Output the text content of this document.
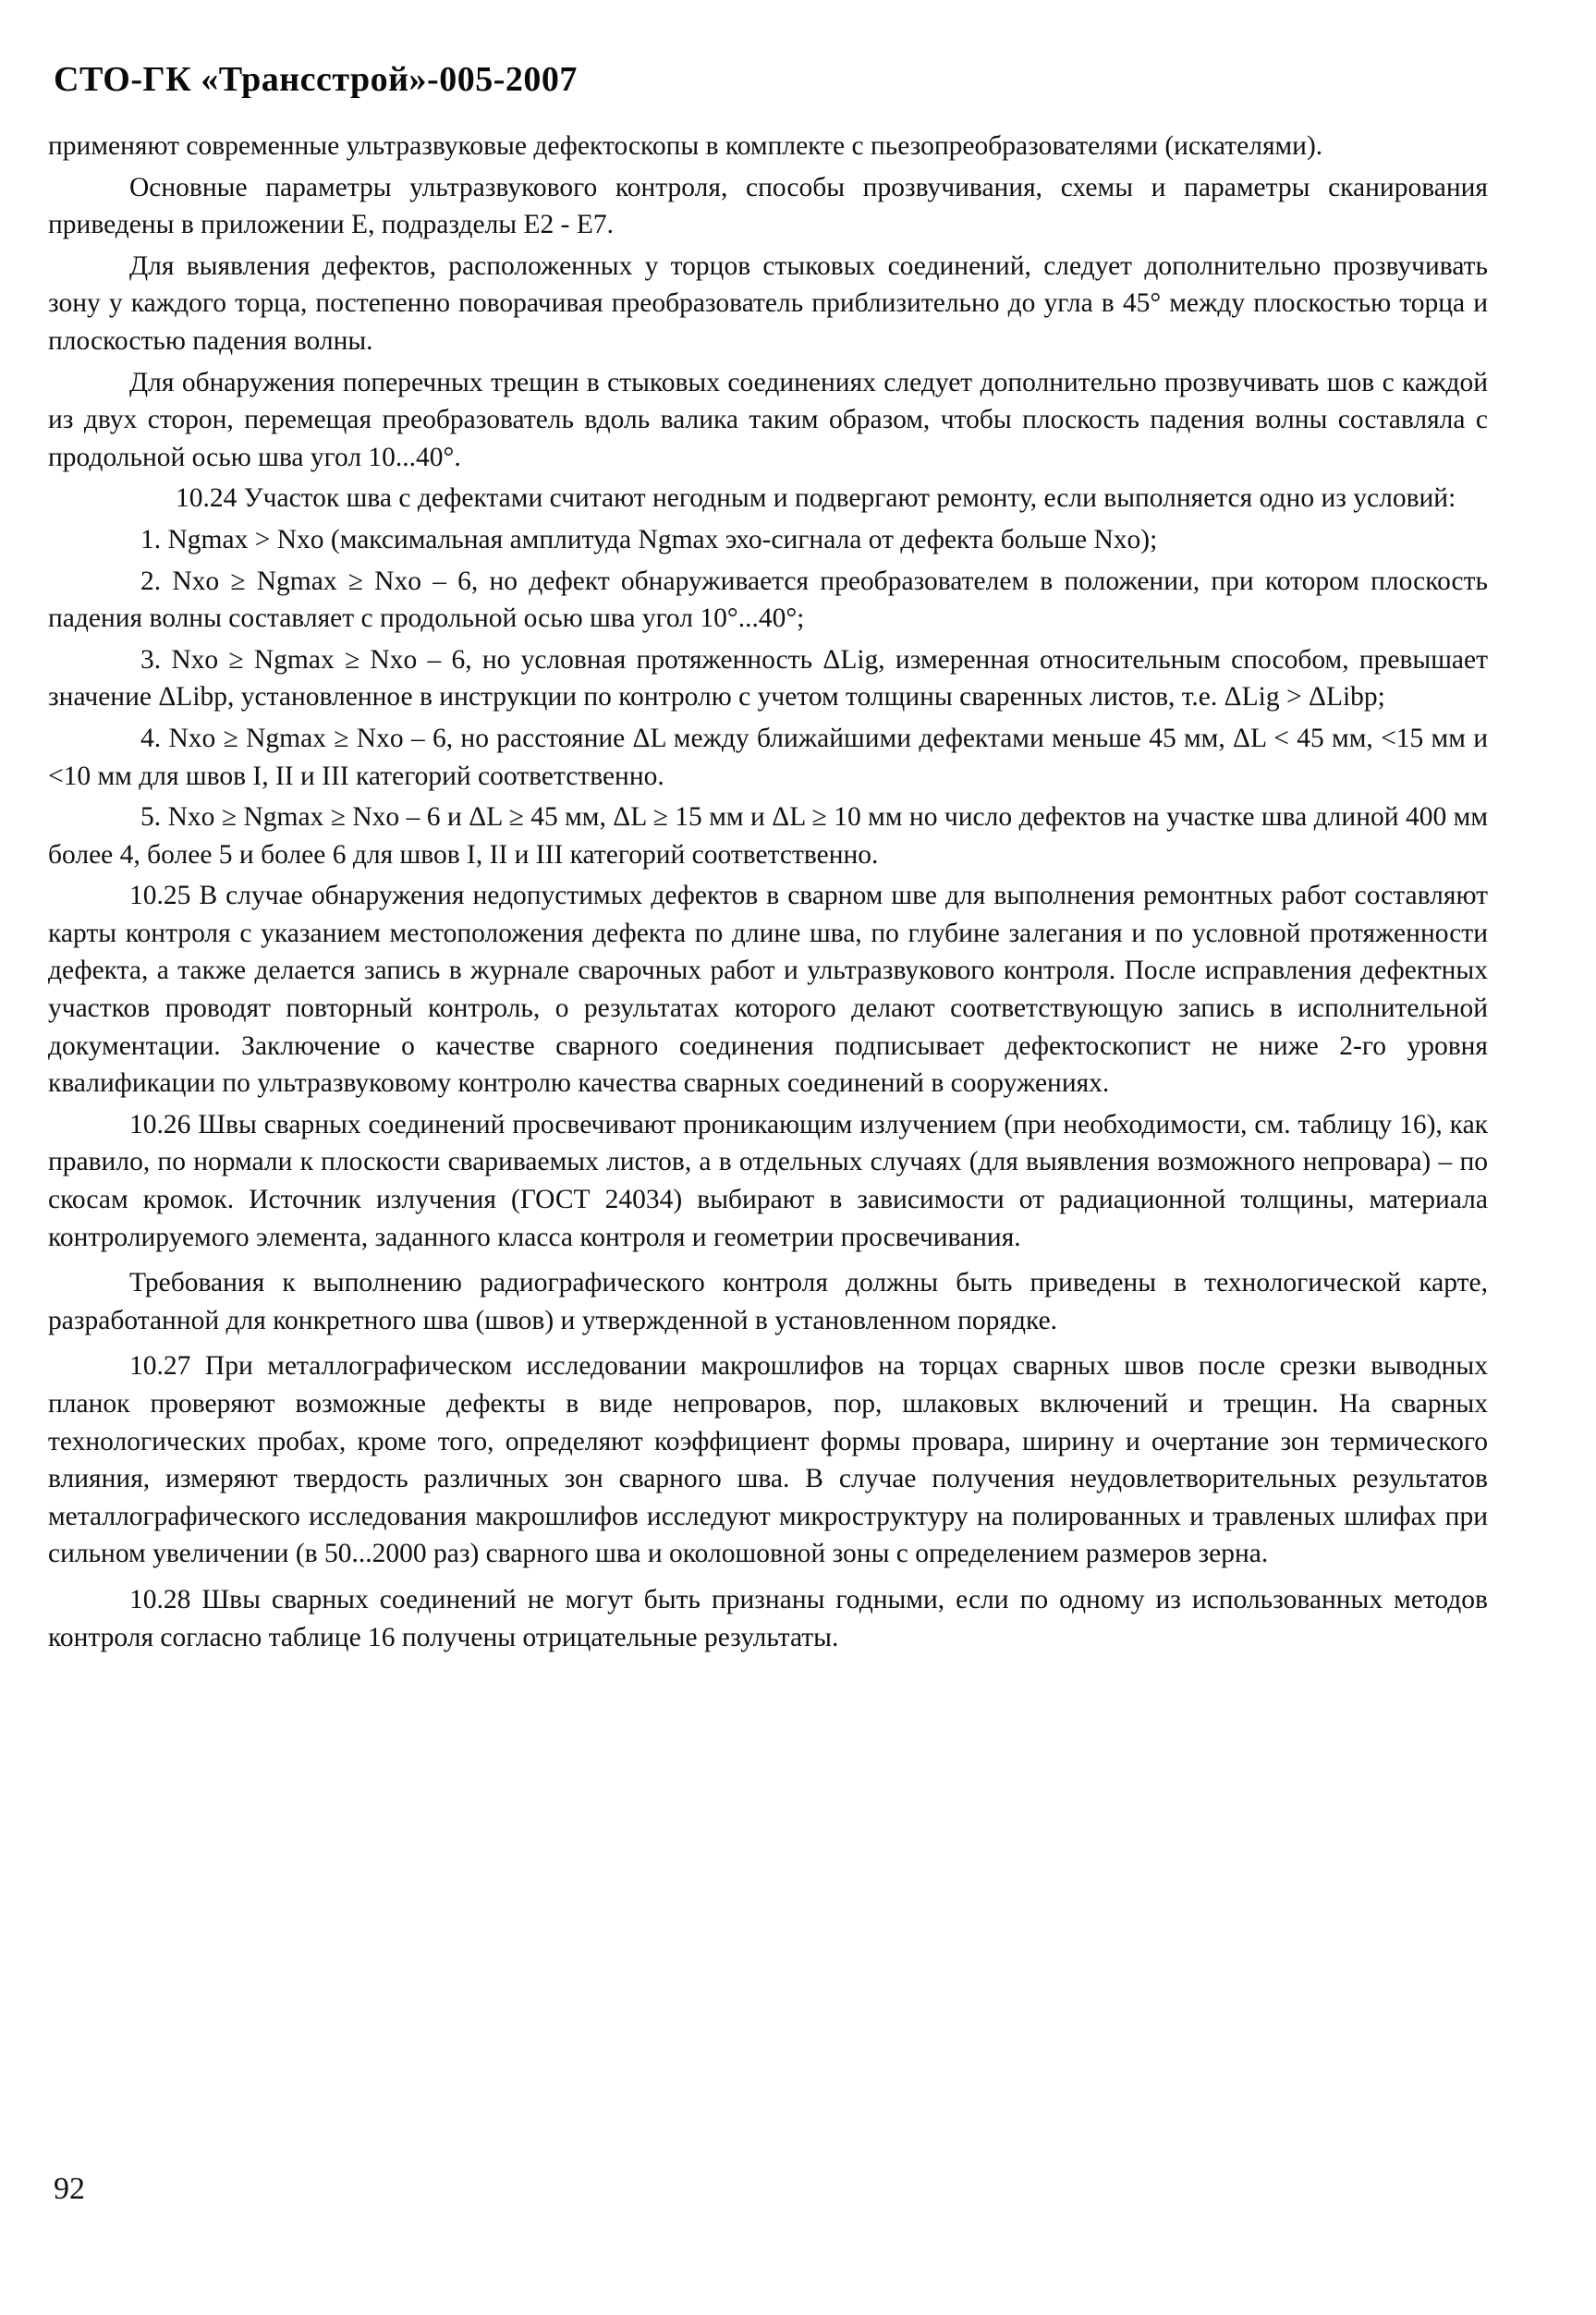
СТО-ГК «Трансстрой»-005-2007

применяют современные ультразвуковые дефектоскопы в комплекте с пьезопреобразователями (искателями).

Основные параметры ультразвукового контроля, способы прозвучивания, схемы и параметры сканирования приведены в приложении Е, подразделы Е2 - Е7.

Для выявления дефектов, расположенных у торцов стыковых соединений, следует дополнительно прозвучивать зону у каждого торца, постепенно поворачивая преобразователь приблизительно до угла в 45° между плоскостью торца и плоскостью падения волны.

Для обнаружения поперечных трещин в стыковых соединениях следует дополнительно прозвучивать шов с каждой из двух сторон, перемещая преобразователь вдоль валика таким образом, чтобы плоскость падения волны составляла с продольной осью шва угол 10...40°.

10.24 Участок шва с дефектами считают негодным и подвергают ремонту, если выполняется одно из условий:

1. Ngmax > Nxo (максимальная амплитуда Ngmax эхо-сигнала от дефекта больше Nxo);

2. Nxo ≥ Ngmax ≥ Nxo – 6, но дефект обнаруживается преобразователем в положении, при котором плоскость падения волны составляет с продольной осью шва угол 10°...40°;

3. Nxo ≥ Ngmax ≥ Nxo – 6, но условная протяженность ΔLig, измеренная относительным способом, превышает значение ΔLibp, установленное в инструкции по контролю с учетом толщины сваренных листов, т.е. ΔLig > ΔLibp;

4. Nxo ≥ Ngmax ≥ Nxo – 6, но расстояние ΔL между ближайшими дефектами меньше 45 мм, ΔL < 45 мм, <15 мм и <10 мм для швов I, II и III категорий соответственно.

5. Nxo ≥ Ngmax ≥ Nxo – 6 и ΔL ≥ 45 мм, ΔL ≥ 15 мм и ΔL ≥ 10 мм но число дефектов на участке шва длиной 400 мм более 4, более 5 и более 6 для швов I, II и III категорий соответственно.

10.25 В случае обнаружения недопустимых дефектов в сварном шве для выполнения ремонтных работ составляют карты контроля с указанием местоположения дефекта по длине шва, по глубине залегания и по условной протяженности дефекта, а также делается запись в журнале сварочных работ и ультразвукового контроля. После исправления дефектных участков проводят повторный контроль, о результатах которого делают соответствующую запись в исполнительной документации. Заключение о качестве сварного соединения подписывает дефектоскопист не ниже 2-го уровня квалификации по ультразвуковому контролю качества сварных соединений в сооружениях.

10.26 Швы сварных соединений просвечивают проникающим излучением (при необходимости, см. таблицу 16), как правило, по нормали к плоскости свариваемых листов, а в отдельных случаях (для выявления возможного непровара) – по скосам кромок. Источник излучения (ГОСТ 24034) выбирают в зависимости от радиационной толщины, материала контролируемого элемента, заданного класса контроля и геометрии просвечивания.

Требования к выполнению радиографического контроля должны быть приведены в технологической карте, разработанной для конкретного шва (швов) и утвержденной в установленном порядке.

10.27 При металлографическом исследовании макрошлифов на торцах сварных швов после срезки выводных планок проверяют возможные дефекты в виде непроваров, пор, шлаковых включений и трещин. На сварных технологических пробах, кроме того, определяют коэффициент формы провара, ширину и очертание зон термического влияния, измеряют твердость различных зон сварного шва. В случае получения неудовлетворительных результатов металлографического исследования макрошлифов исследуют микроструктуру на полированных и травленых шлифах при сильном увеличении (в 50...2000 раз) сварного шва и околошовной зоны с определением размеров зерна.

10.28 Швы сварных соединений не могут быть признаны годными, если по одному из использованных методов контроля согласно таблице 16 получены отрицательные результаты.

92
